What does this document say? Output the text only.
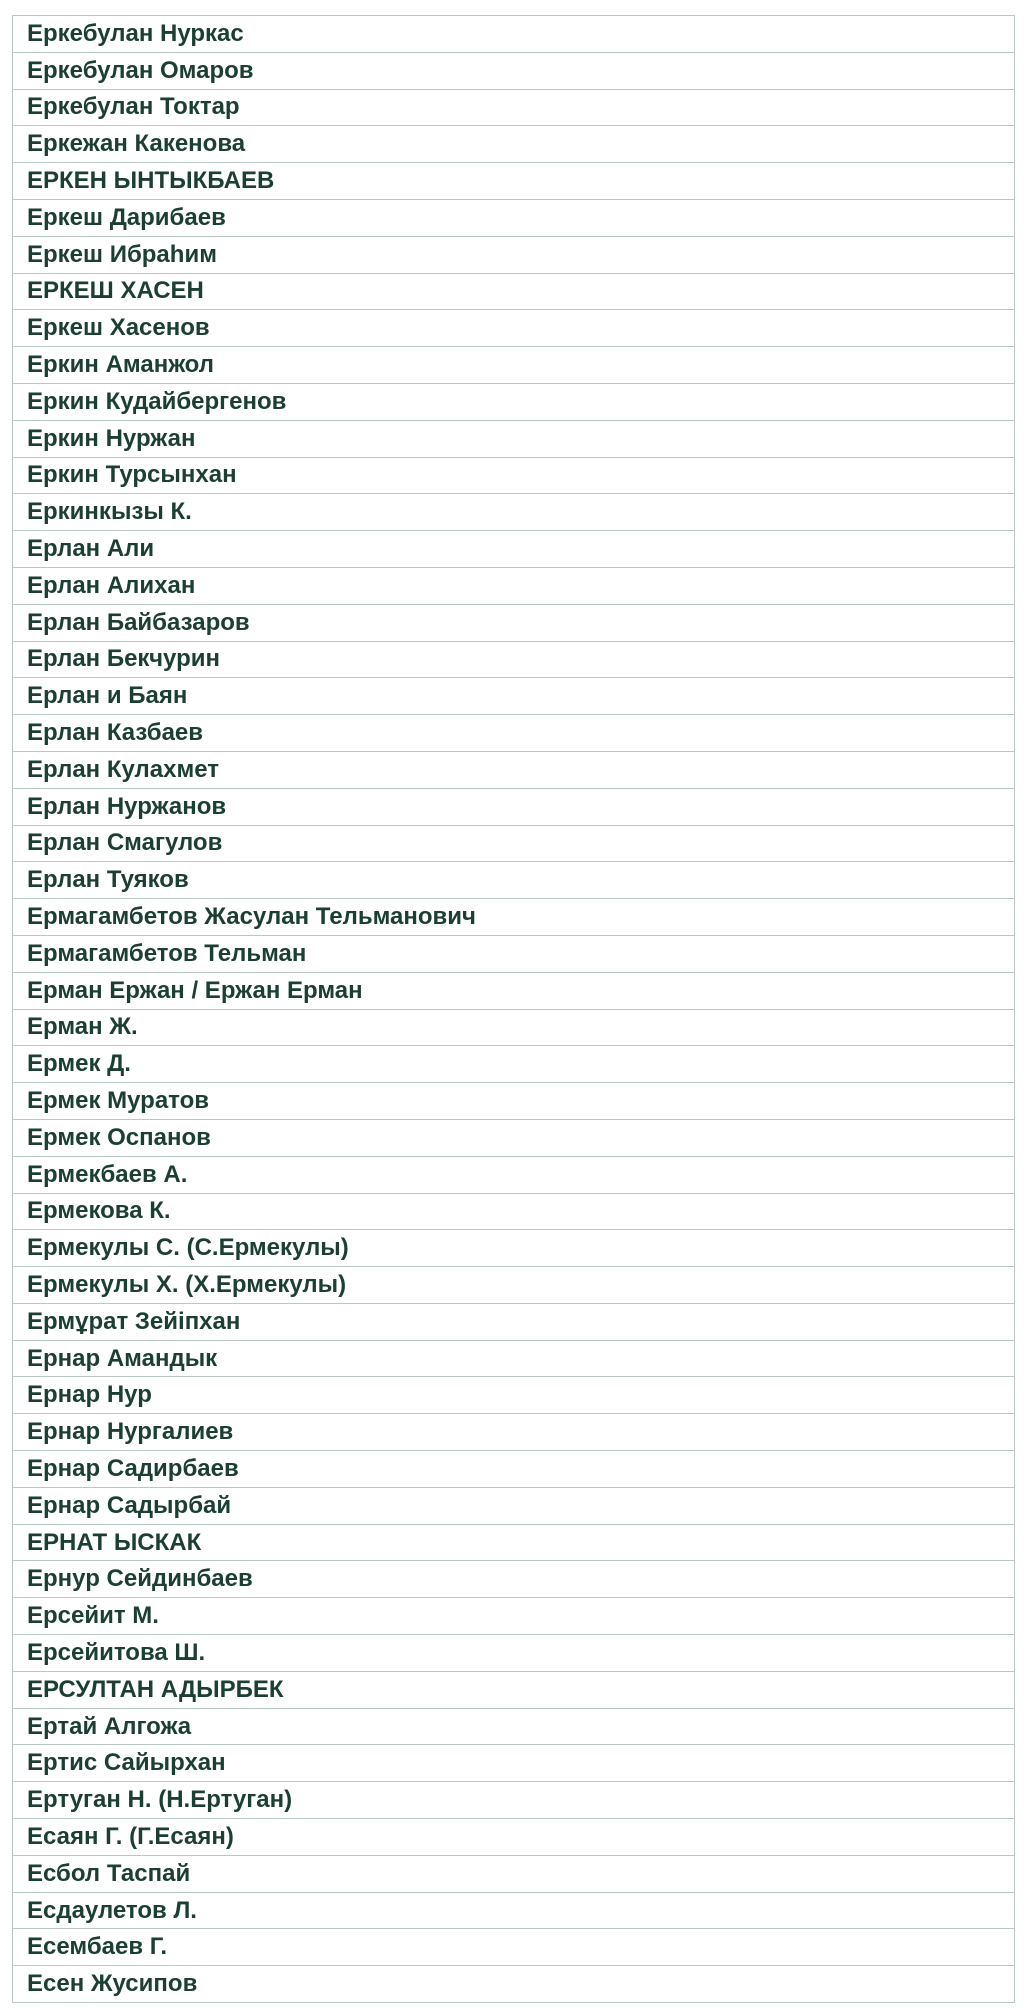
Еркебулан Нуркас
Еркебулан Омаров
Еркебулан Токтар
Еркежан Какенова
ЕРКЕН ЫНТЫКБАЕВ
Еркеш Дарибаев
Еркеш Ибраһим
ЕРКЕШ ХАСЕН
Еркеш Хасенов
Еркин Аманжол
Еркин Кудайбергенов
Еркин Нуржан
Еркин Турсынхан
Еркинкызы К.
Ерлан Али
Ерлан Алихан
Ерлан Байбазаров
Ерлан Бекчурин
Ерлан и Баян
Ерлан Казбаев
Ерлан Кулахмет
Ерлан Нуржанов
Ерлан Смагулов
Ерлан Туяков
Ермагамбетов Жасулан Тельманович
Ермагамбетов Тельман
Ерман Ержан / Ержан Ерман
Ерман Ж.
Ермек Д.
Ермек Муратов
Ермек Оспанов
Ермекбаев А.
Ермекова К.
Ермекулы С. (С.Ермекулы)
Ермекулы Х. (Х.Ермекулы)
Ермұрат Зейiпхан
Ернар Амандык
Ернар Нур
Ернар Нургалиев
Ернар Садирбаев
Ернар Садырбай
ЕРНАТ ЫСКАК
Ернур Сейдинбаев
Ерсейит М.
Ерсейитова Ш.
ЕРСУЛТАН АДЫРБЕК
Ертай Алгожа
Ертис Сайырхан
Ертуган Н. (Н.Ертуган)
Есаян Г. (Г.Есаян)
Есбол Таспай
Есдаулетов Л.
Есембаев Г.
Есен Жусипов
